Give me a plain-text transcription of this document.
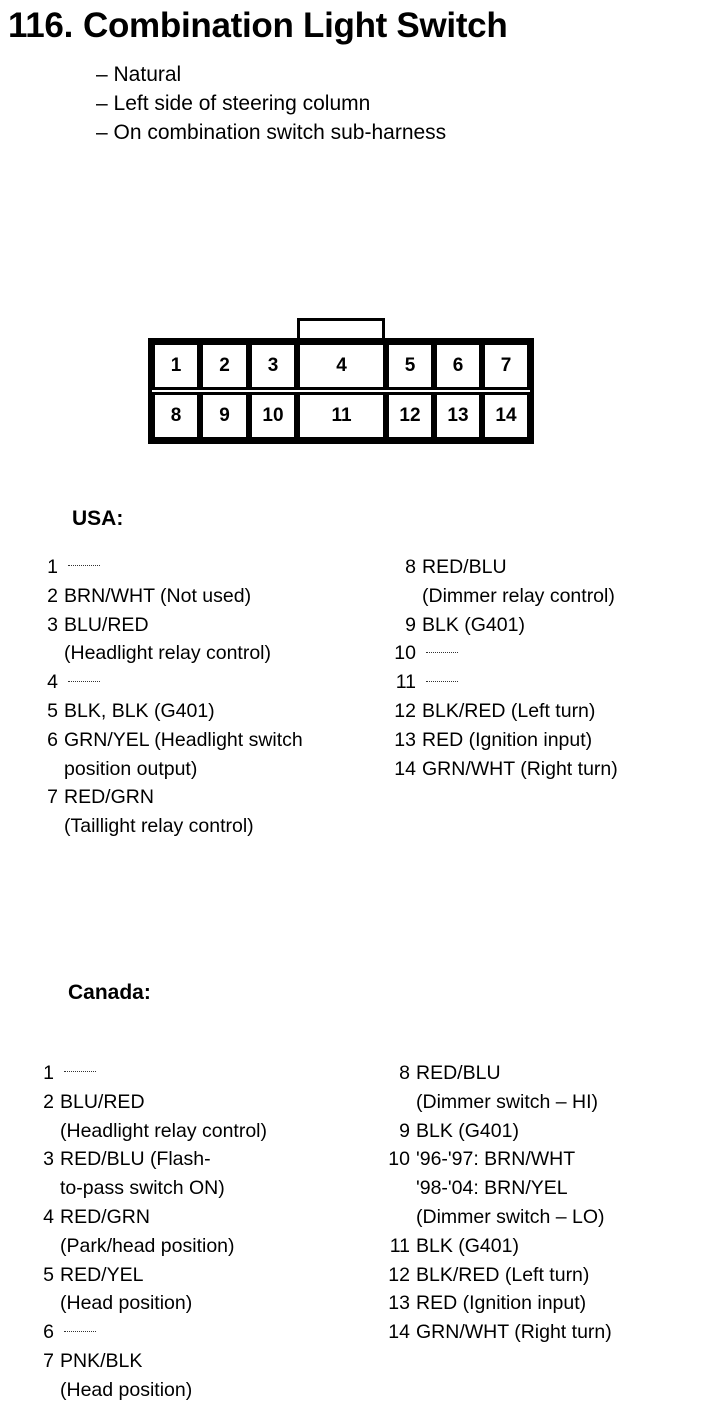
116. Combination Light Switch
– Natural
– Left side of steering column
– On combination switch sub-harness
1	2	3	4	5	6	7
8	9	10	11	12	13	14
USA:
1
2 BRN/WHT (Not used)
3 BLU/RED
(Headlight relay control)
4
5 BLK, BLK (G401)
6 GRN/YEL (Headlight switch
position output)
7 RED/GRN
(Taillight relay control)
8 RED/BLU
(Dimmer relay control)
9 BLK (G401)
10
11
12 BLK/RED (Left turn)
13 RED (Ignition input)
14 GRN/WHT (Right turn)
Canada:
1
2 BLU/RED
(Headlight relay control)
3 RED/BLU (Flash-
to-pass switch ON)
4 RED/GRN
(Park/head position)
5 RED/YEL
(Head position)
6
7 PNK/BLK
(Head position)
8 RED/BLU
(Dimmer switch – HI)
9 BLK (G401)
10 '96-'97: BRN/WHT
'98-'04: BRN/YEL
(Dimmer switch – LO)
11 BLK (G401)
12 BLK/RED (Left turn)
13 RED (Ignition input)
14 GRN/WHT (Right turn)
